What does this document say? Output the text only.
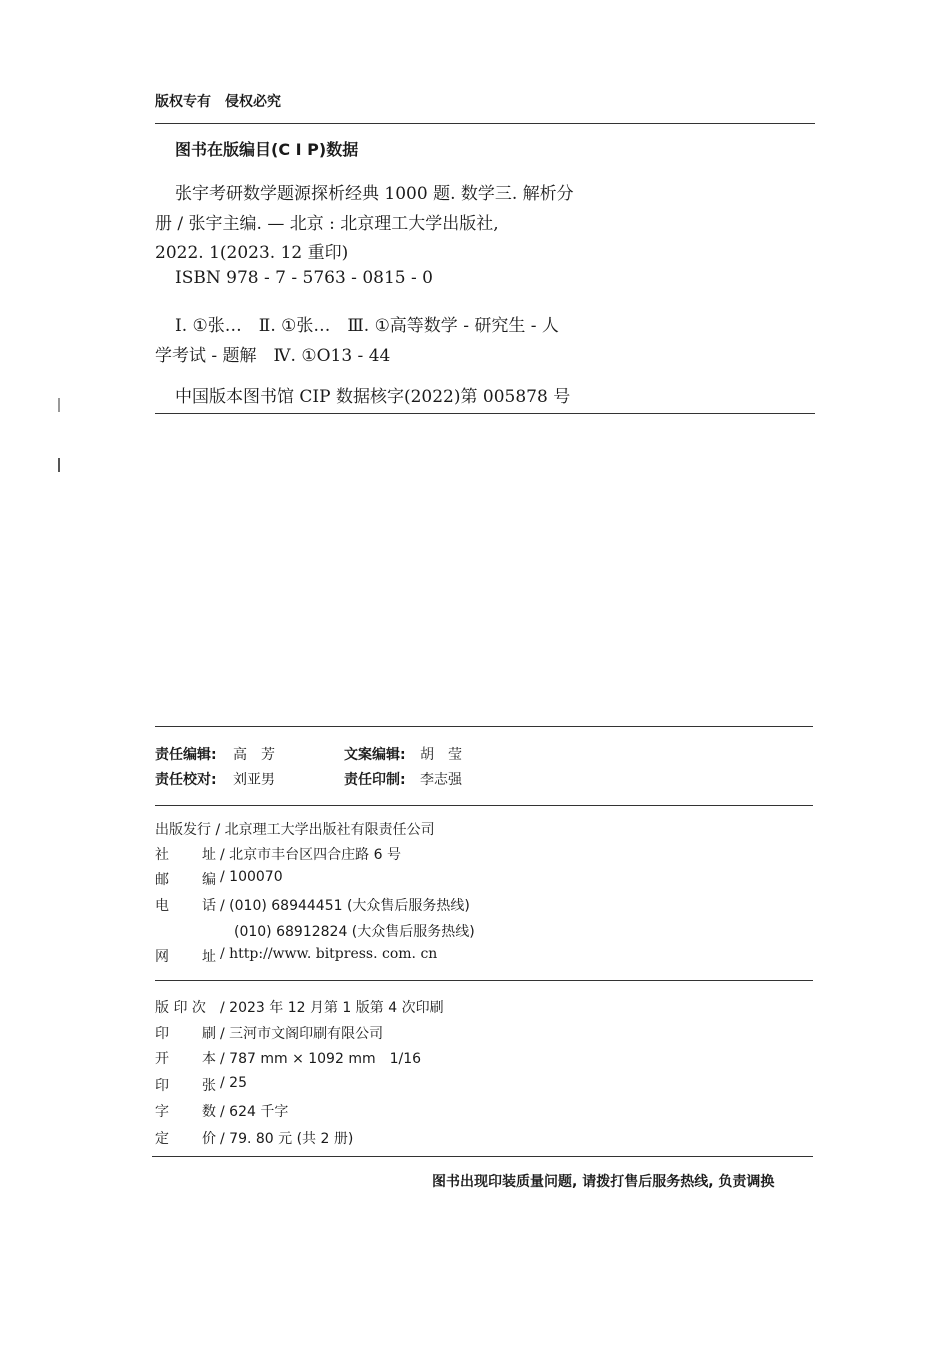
版权专有　侵权必究
图书在版编目(C I P)数据
张宇考研数学题源探析经典 1000 题. 数学三. 解析分
册 / 张宇主编. — 北京 : 北京理工大学出版社,
2022. 1(2023. 12 重印)
ISBN 978 - 7 - 5763 - 0815 - 0
Ⅰ. ①张…　Ⅱ. ①张…　Ⅲ. ①高等数学 - 研究生 - 人
学考试 - 题解　Ⅳ. ①O13 - 44
中国版本图书馆 CIP 数据核字(2022)第 005878 号
责任编辑: 高　芳	文案编辑: 胡　莹
责任校对: 刘亚男	责任印制: 李志强
出版发行 / 北京理工大学出版社有限责任公司
社 址 / 北京市丰台区四合庄路 6 号
邮 编 / 100070
电 话 / (010) 68944451 (大众售后服务热线)
(010) 68912824 (大众售后服务热线)
网 址 / http://www. bitpress. com. cn
版 印 次 / 2023 年 12 月第 1 版第 4 次印刷
印 刷 / 三河市文阁印刷有限公司
开 本 / 787 mm × 1092 mm　1/16
印 张 / 25
字 数 / 624 千字
定 价 / 79. 80 元 (共 2 册)
图书出现印装质量问题, 请拨打售后服务热线, 负责调换
